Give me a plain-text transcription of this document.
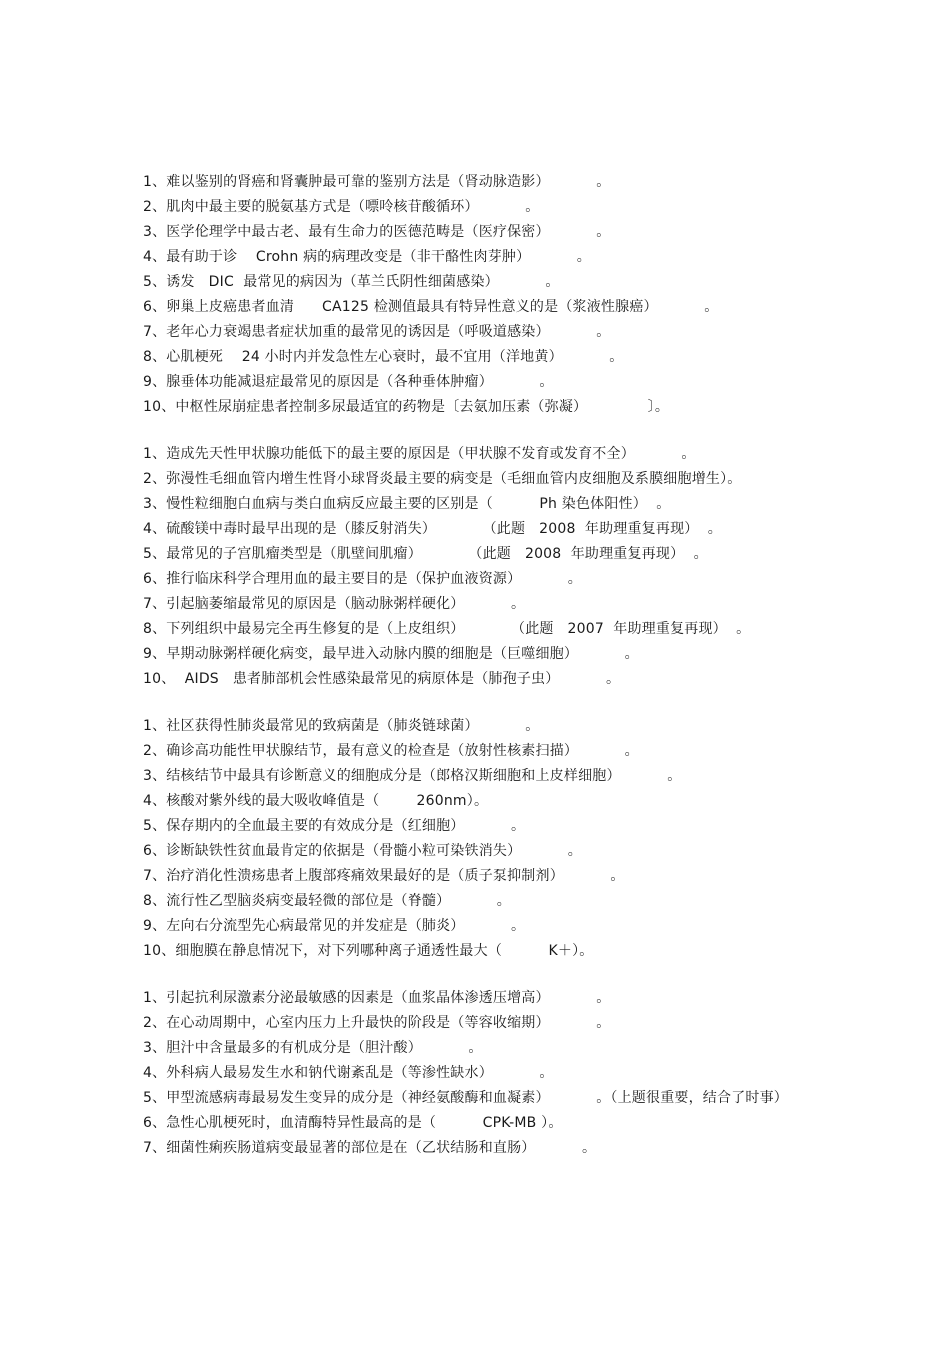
1、难以鉴别的肾癌和肾囊肿最可靠的鉴别方法是（肾动脉造影）          。
2、肌肉中最主要的脱氨基方式是（嘌呤核苷酸循环）          。
3、医学伦理学中最古老、最有生命力的医德范畴是（医疗保密）          。
4、最有助于诊    Crohn 病的病理改变是（非干酪性肉芽肿）          。
5、诱发   DIC  最常见的病因为（革兰氏阴性细菌感染）          。
6、卵巢上皮癌患者血清      CA125 检测值最具有特异性意义的是（浆液性腺癌）          。
7、老年心力衰竭患者症状加重的最常见的诱因是（呼吸道感染）          。
8、心肌梗死    24 小时内并发急性左心衰时，最不宜用（洋地黄）          。
9、腺垂体功能减退症最常见的原因是（各种垂体肿瘤）          。
10、中枢性尿崩症患者控制多尿最适宜的药物是〔去氨加压素（弥凝）             〕。
1、造成先天性甲状腺功能低下的最主要的原因是（甲状腺不发育或发育不全）          。
2、弥漫性毛细血管内增生性肾小球肾炎最主要的病变是（毛细血管内皮细胞及系膜细胞增生）。
3、慢性粒细胞白血病与类白血病反应最主要的区别是（          Ph 染色体阳性）  。
4、硫酸镁中毒时最早出现的是（膝反射消失）          （此题   2008  年助理重复再现）  。
5、最常见的子宫肌瘤类型是（肌壁间肌瘤）          （此题   2008  年助理重复再现）  。
6、推行临床科学合理用血的最主要目的是（保护血液资源）          。
7、引起脑萎缩最常见的原因是（脑动脉粥样硬化）          。
8、下列组织中最易完全再生修复的是（上皮组织）          （此题   2007  年助理重复再现）  。
9、早期动脉粥样硬化病变，最早进入动脉内膜的细胞是（巨噬细胞）          。
10、  AIDS   患者肺部机会性感染最常见的病原体是（肺孢子虫）          。
1、社区获得性肺炎最常见的致病菌是（肺炎链球菌）          。
2、确诊高功能性甲状腺结节，最有意义的检查是（放射性核素扫描）          。
3、结核结节中最具有诊断意义的细胞成分是（郎格汉斯细胞和上皮样细胞）          。
4、核酸对紫外线的最大吸收峰值是（        260nm）。
5、保存期内的全血最主要的有效成分是（红细胞）          。
6、诊断缺铁性贫血最肯定的依据是（骨髓小粒可染铁消失）          。
7、治疗消化性溃疡患者上腹部疼痛效果最好的是（质子泵抑制剂）          。
8、流行性乙型脑炎病变最轻微的部位是（脊髓）          。
9、左向右分流型先心病最常见的并发症是（肺炎）          。
10、细胞膜在静息情况下，对下列哪种离子通透性最大（          K＋）。
1、引起抗利尿激素分泌最敏感的因素是（血浆晶体渗透压增高）          。
2、在心动周期中，心室内压力上升最快的阶段是（等容收缩期）          。
3、胆汁中含量最多的有机成分是（胆汁酸）          。
4、外科病人最易发生水和钠代谢紊乱是（等渗性缺水）          。
5、甲型流感病毒最易发生变异的成分是（神经氨酸酶和血凝素）          。（上题很重要，结合了时事）
6、急性心肌梗死时，血清酶特异性最高的是（          CPK-MB ）。
7、细菌性痢疾肠道病变最显著的部位是在（乙状结肠和直肠）          。
